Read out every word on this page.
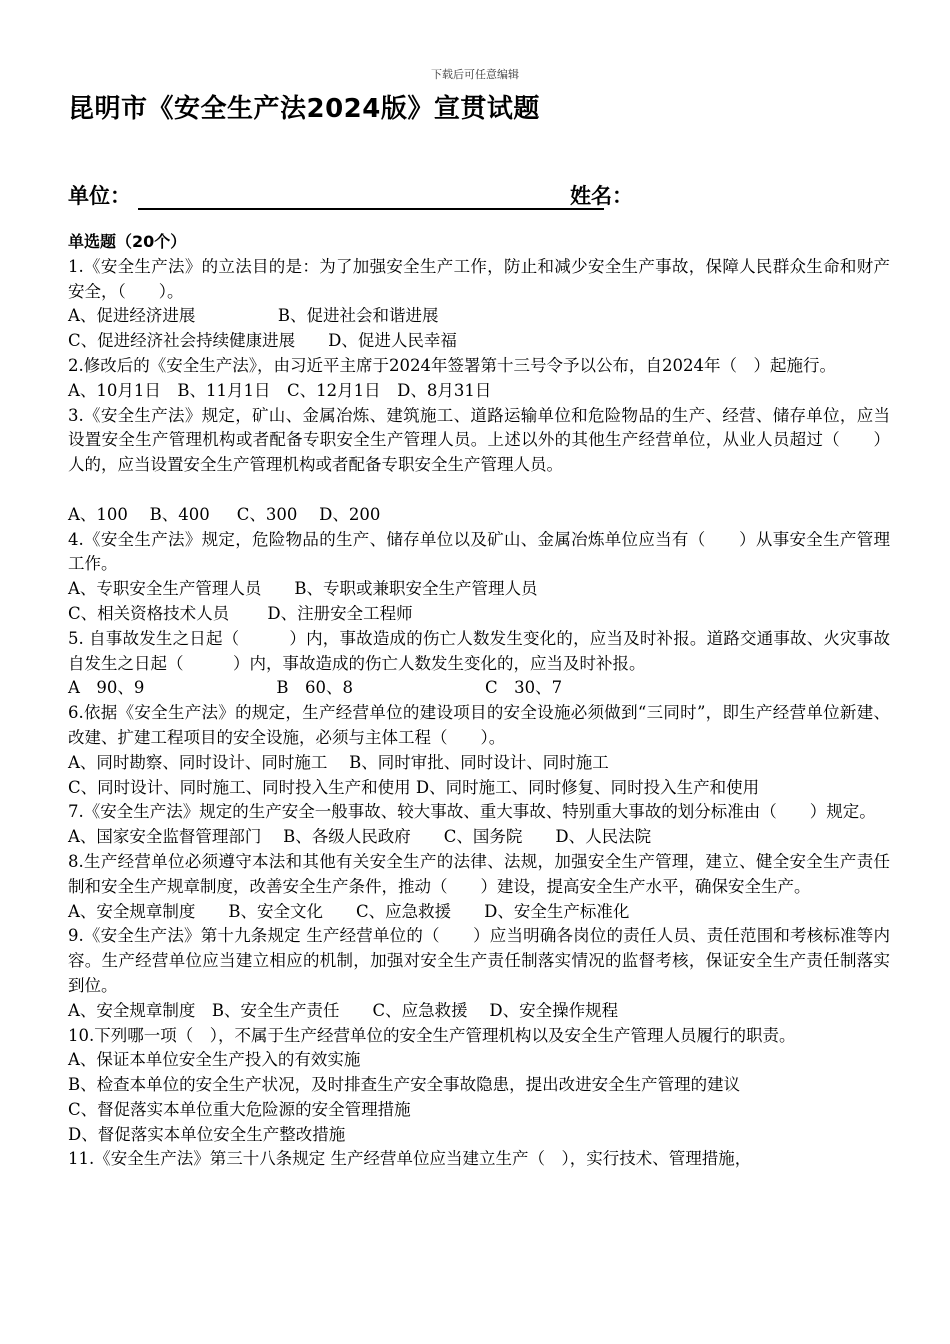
下载后可任意编辑
昆明市《安全生产法2024版》宣贯试题
单位：	姓名：
单选题（20个）
1.《安全生产法》的立法目的是：为了加强安全生产工作，防止和减少安全生产事故，保障人民群众生命和财产安全，（　　）。
A、促进经济进展　　　　　B、促进社会和谐进展
C、促进经济社会持续健康进展　　D、促进人民幸福
2.修改后的《安全生产法》，由习近平主席于2024年签署第十三号令予以公布，自2024年（　）起施行。
A、10月1日　B、11月1日　C、12月1日　D、8月31日
3.《安全生产法》规定，矿山、金属冶炼、建筑施工、道路运输单位和危险物品的生产、经营、储存单位，应当设置安全生产管理机构或者配备专职安全生产管理人员。上述以外的其他生产经营单位，从业人员超过（　　）人的，应当设置安全生产管理机构或者配备专职安全生产管理人员。
A、100　 B、400　  C、300　 D、200
4.《安全生产法》规定，危险物品的生产、储存单位以及矿山、金属冶炼单位应当有（　　）从事安全生产管理工作。
A、专职安全生产管理人员　　B、专职或兼职安全生产管理人员
C、相关资格技术人员　　 D、注册安全工程师
5. 自事故发生之日起（　　　）内，事故造成的伤亡人数发生变化的，应当及时补报。道路交通事故、火灾事故自发生之日起（　　　）内，事故造成的伤亡人数发生变化的，应当及时补报。
A　90、9　　　　　　　　B　60、8　　　　　　　　C　30、7
6.依据《安全生产法》的规定，生产经营单位的建设项目的安全设施必须做到“三同时”，即生产经营单位新建、改建、扩建工程项目的安全设施，必须与主体工程（　　）。
A、同时勘察、同时设计、同时施工　 B、同时审批、同时设计、同时施工
C、同时设计、同时施工、同时投入生产和使用 D、同时施工、同时修复、同时投入生产和使用
7.《安全生产法》规定的生产安全一般事故、较大事故、重大事故、特别重大事故的划分标准由（　　）规定。
A、国家安全监督管理部门　 B、各级人民政府　　C、国务院　　D、人民法院
8.生产经营单位必须遵守本法和其他有关安全生产的法律、法规，加强安全生产管理，建立、健全安全生产责任制和安全生产规章制度，改善安全生产条件，推动（　　）建设，提高安全生产水平，确保安全生产。
A、安全规章制度　　B、安全文化　　C、应急救援　　D、安全生产标准化
9.《安全生产法》第十九条规定 生产经营单位的（　　）应当明确各岗位的责任人员、责任范围和考核标准等内容。生产经营单位应当建立相应的机制，加强对安全生产责任制落实情况的监督考核，保证安全生产责任制落实到位。
A、安全规章制度　B、安全生产责任　　C、应急救援　 D、安全操作规程
10.下列哪一项（　），不属于生产经营单位的安全生产管理机构以及安全生产管理人员履行的职责。
A、保证本单位安全生产投入的有效实施
B、检查本单位的安全生产状况，及时排查生产安全事故隐患，提出改进安全生产管理的建议
C、督促落实本单位重大危险源的安全管理措施
D、督促落实本单位安全生产整改措施
11.《安全生产法》第三十八条规定 生产经营单位应当建立生产（　），实行技术、管理措施，
